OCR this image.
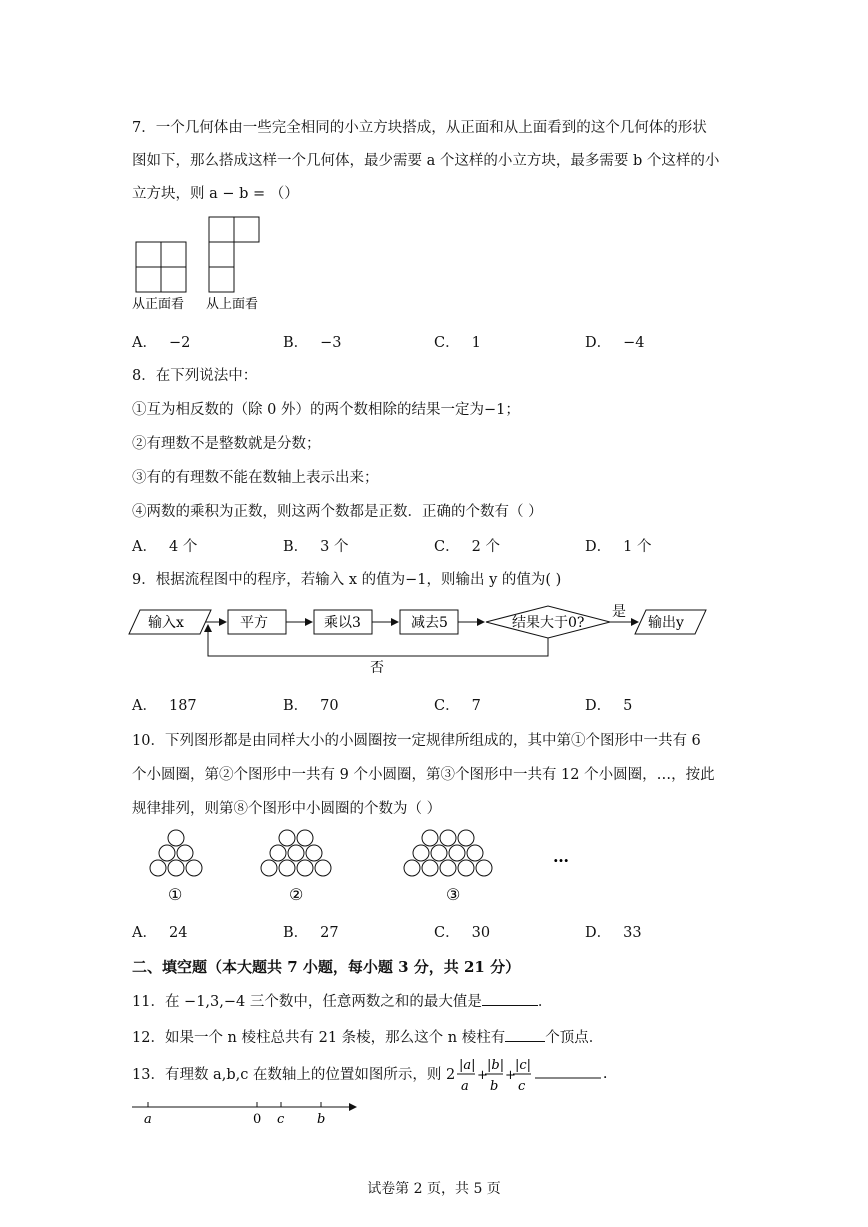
7．一个几何体由一些完全相同的小立方块搭成，从正面和从上面看到的这个几何体的形状
图如下，那么搭成这样一个几何体，最少需要 a 个这样的小立方块，最多需要 b 个这样的小
立方块，则 a − b = （）
从正面看 从上面看
A． −2	B． −3	C． 1	D． −4
8．在下列说法中：
①互为相反数的（除 0 外）的两个数相除的结果一定为−1；
②有理数不是整数就是分数；
③有的有理数不能在数轴上表示出来；
④两数的乘积为正数，则这两个数都是正数．正确的个数有（ ）
A． 4 个	B． 3 个	C． 2 个	D． 1 个
9．根据流程图中的程序，若输入 x 的值为−1，则输出 y 的值为( )
输入x	平方	乘以3	减去5	结果大于0?
是
输出y
否
A． 187	B． 70	C． 7	D． 5
10．下列图形都是由同样大小的小圆圈按一定规律所组成的，其中第①个图形中一共有 6
个小圆圈，第②个图形中一共有 9 个小圆圈，第③个图形中一共有 12 个小圆圈，…，按此
规律排列，则第⑧个图形中小圆圈的个数为（ ）
①	②	③
…
A． 24	B． 27	C． 30	D． 33
二、填空题（本大题共 7 小题，每小题 3 分，共 21 分）
11．在 −1,3,−4 三个数中，任意两数之和的最大值是	．
12．如果一个 n 棱柱总共有 21 条棱，那么这个 n 棱柱有	个顶点．
13．有理数 a,b,c 在数轴上的位置如图所示，则 2
|a|
a
+
|b|
b
+
|c|
c
．
a	0 c	b
试卷第 2 页，共 5 页
